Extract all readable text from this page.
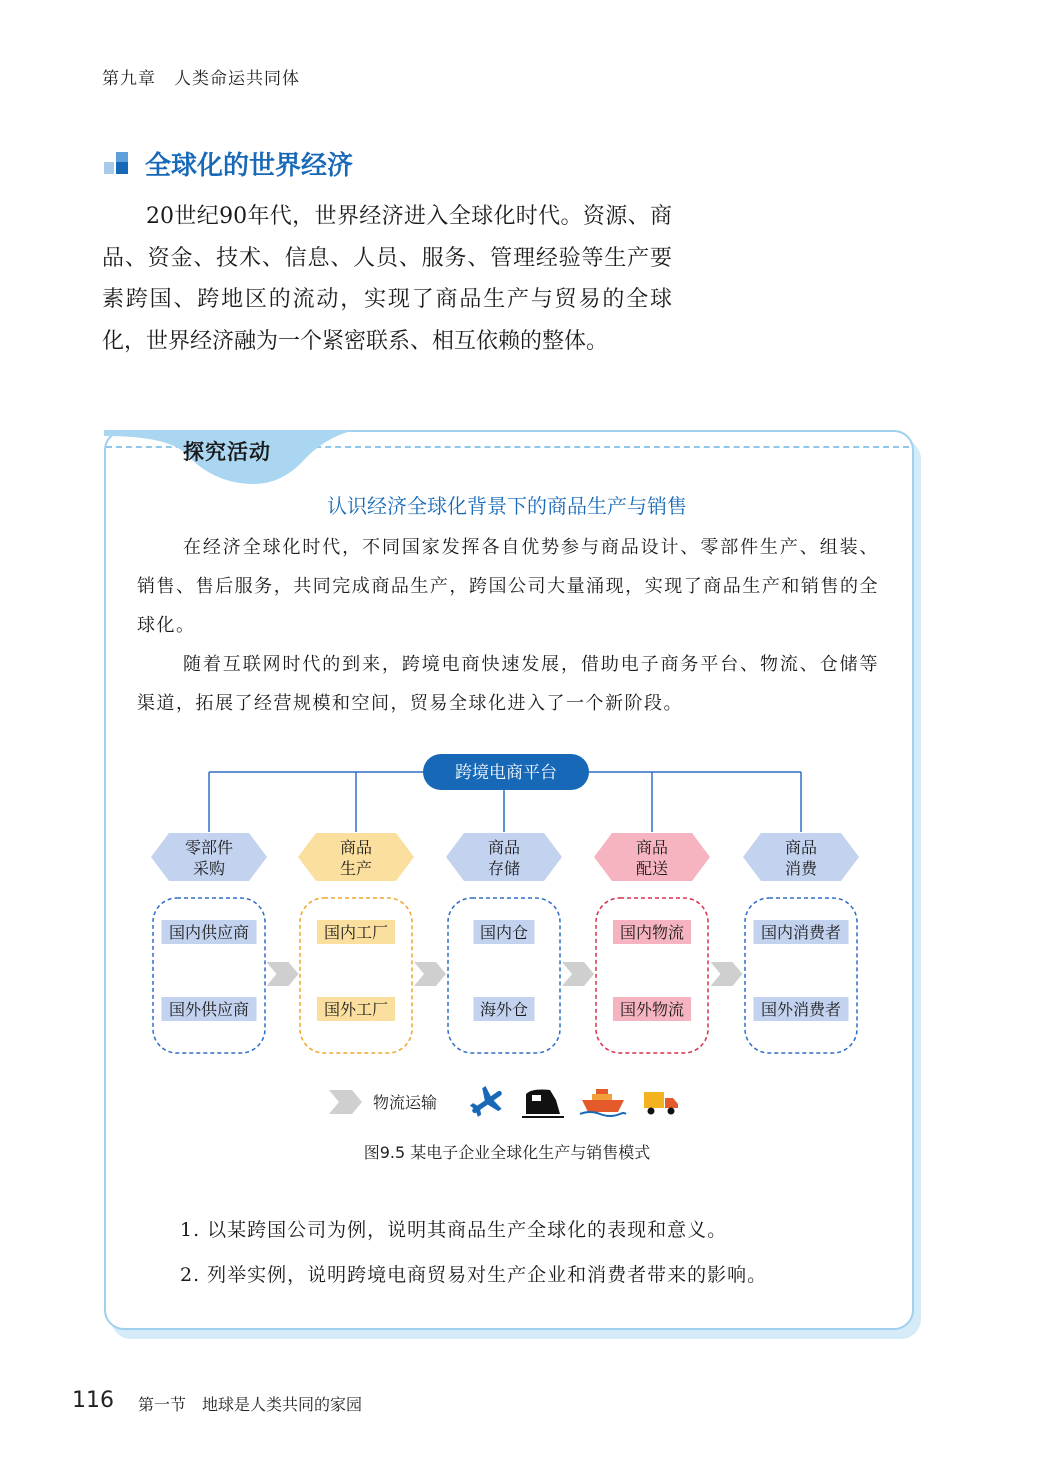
第九章 人类命运共同体
全球化的世界经济

20世纪90年代，世界经济进入全球化时代。资源、商品、资金、技术、信息、人员、服务、管理经验等生产要素跨国、跨地区的流动，实现了商品生产与贸易的全球化，世界经济融为一个紧密联系、相互依赖的整体。

探究活动
认识经济全球化背景下的商品生产与销售

在经济全球化时代，不同国家发挥各自优势参与商品设计、零部件生产、组装、销售、售后服务，共同完成商品生产，跨国公司大量涌现，实现了商品生产和销售的全球化。

随着互联网时代的到来，跨境电商快速发展，借助电子商务平台、物流、仓储等渠道，拓展了经营规模和空间，贸易全球化进入了一个新阶段。

跨境电商平台
零部件
采购
国内供应商
国外供应商
商品
生产
国内工厂
国外工厂
商品
存储
国内仓
海外仓
商品
配送
国内物流
国外物流
商品
消费
国内消费者
国外消费者
物流运输
图9.5 某电子企业全球化生产与销售模式
1. 以某跨国公司为例，说明其商品生产全球化的表现和意义。
2. 列举实例，说明跨境电商贸易对生产企业和消费者带来的影响。
116 第一节 地球是人类共同的家园
